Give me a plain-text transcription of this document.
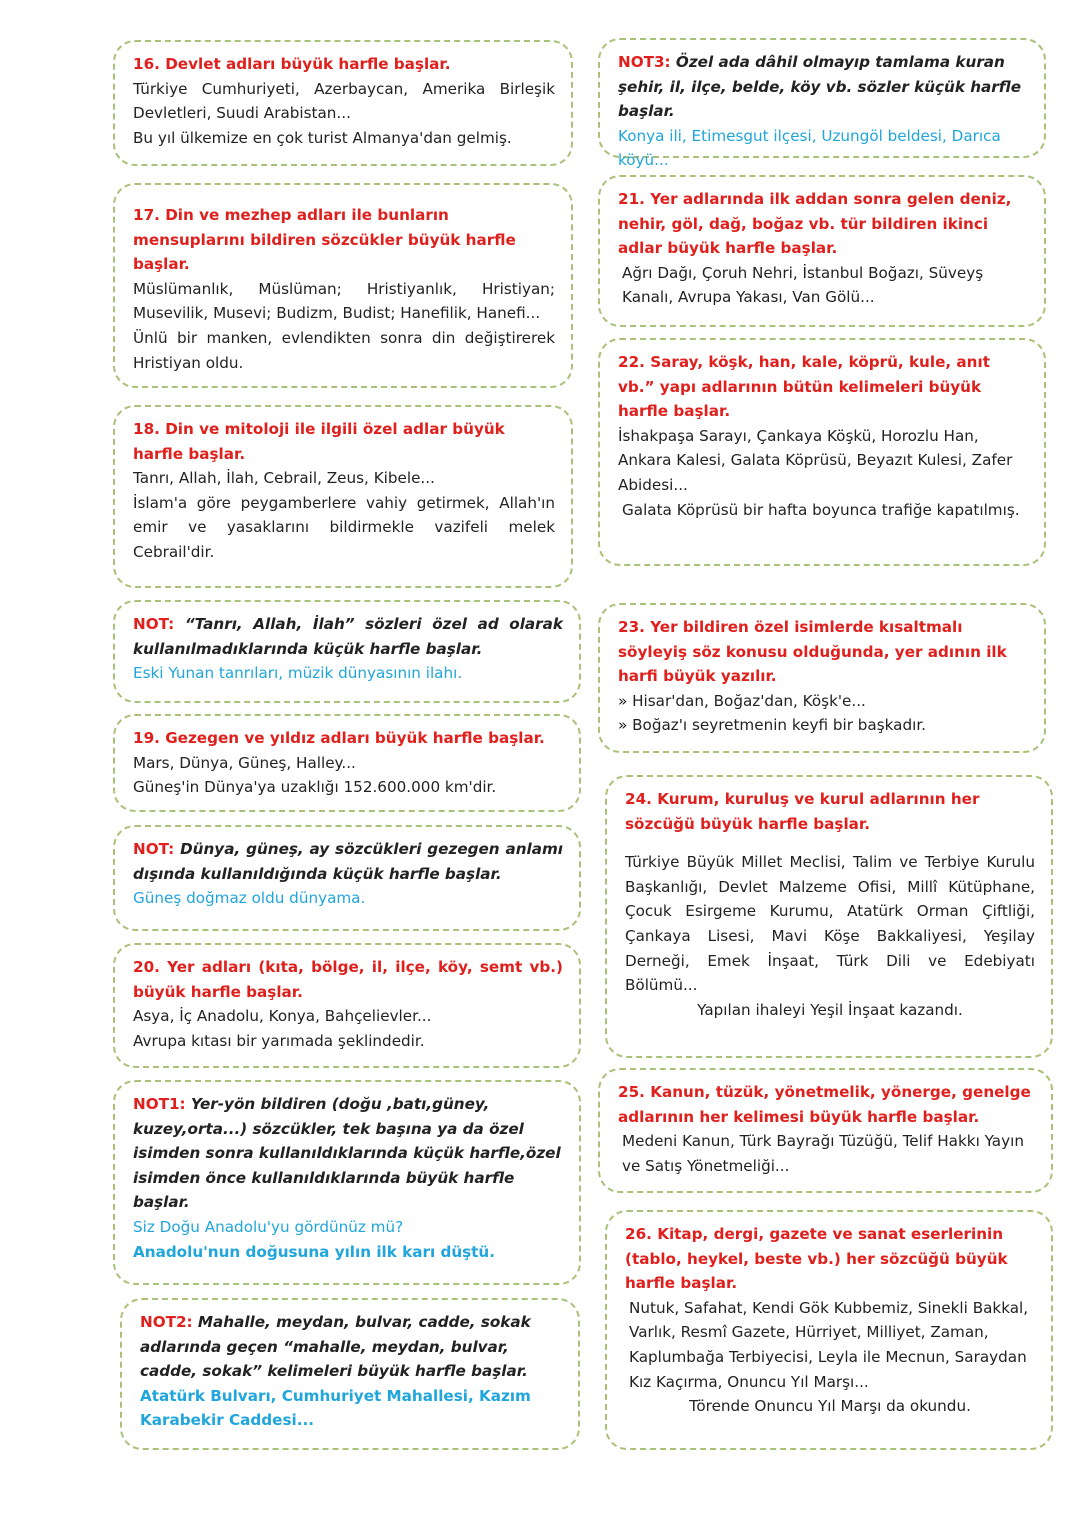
16. Devlet adları büyük harfle başlar.

Türkiye Cumhuriyeti, Azerbaycan, Amerika Birleşik Devletleri, Suudi Arabistan...

Bu yıl ülkemize en çok turist Almanya'dan gelmiş.

17. Din ve mezhep adları ile bunların mensuplarını bildiren sözcükler büyük harfle başlar.

Müslümanlık, Müslüman; Hristiyanlık, Hristiyan; Musevilik, Musevi; Budizm, Budist; Hanefilik, Hanefi...

Ünlü bir manken, evlendikten sonra din değiştirerek Hristiyan oldu.

18. Din ve mitoloji ile ilgili özel adlar büyük harfle başlar.

Tanrı, Allah, İlah, Cebrail, Zeus, Kibele...

İslam'a göre peygamberlere vahiy getirmek, Allah'ın emir ve yasaklarını bildirmekle vazifeli melek Cebrail'dir.

NOT: “Tanrı, Allah, İlah” sözleri özel ad olarak kullanılmadıklarında küçük harfle başlar.

Eski Yunan tanrıları, müzik dünyasının ilahı.

19. Gezegen ve yıldız adları büyük harfle başlar.

Mars, Dünya, Güneş, Halley...

Güneş'in Dünya'ya uzaklığı 152.600.000 km'dir.

NOT: Dünya, güneş, ay sözcükleri gezegen anlamı dışında kullanıldığında küçük harfle başlar.

Güneş doğmaz oldu dünyama.

20. Yer adları (kıta, bölge, il, ilçe, köy, semt vb.) büyük harfle başlar.

Asya, İç Anadolu, Konya, Bahçelievler...

Avrupa kıtası bir yarımada şeklindedir.

NOT1: Yer-yön bildiren (doğu ,batı,güney, kuzey,orta...) sözcükler, tek başına ya da özel isimden sonra kullanıldıklarında küçük harfle,özel isimden önce kullanıldıklarında büyük harfle başlar.

Siz Doğu Anadolu'yu gördünüz mü?

Anadolu'nun doğusuna yılın ilk karı düştü.

NOT2: Mahalle, meydan, bulvar, cadde, sokak adlarında geçen “mahalle, meydan, bulvar, cadde, sokak” kelimeleri büyük harfle başlar.

Atatürk Bulvarı, Cumhuriyet Mahallesi, Kazım Karabekir Caddesi...

NOT3: Özel ada dâhil olmayıp tamlama kuran şehir, il, ilçe, belde, köy vb. sözler küçük harfle başlar.

Konya ili, Etimesgut ilçesi, Uzungöl beldesi, Darıca köyü...

21. Yer adlarında ilk addan sonra gelen deniz, nehir, göl, dağ, boğaz vb. tür bildiren ikinci adlar büyük harfle başlar.

Ağrı Dağı, Çoruh Nehri, İstanbul Boğazı, Süveyş Kanalı, Avrupa Yakası, Van Gölü...

22. Saray, köşk, han, kale, köprü, kule, anıt vb.” yapı adlarının bütün kelimeleri büyük harfle başlar.

İshakpaşa Sarayı, Çankaya Köşkü, Horozlu Han, Ankara Kalesi, Galata Köprüsü, Beyazıt Kulesi, Zafer Abidesi...

Galata Köprüsü bir hafta boyunca trafiğe kapatılmış.

23. Yer bildiren özel isimlerde kısaltmalı söyleyiş söz konusu olduğunda, yer adının ilk harfi büyük yazılır.

» Hisar'dan, Boğaz'dan, Köşk'e...

» Boğaz'ı seyretmenin keyfi bir başkadır.

24. Kurum, kuruluş ve kurul adlarının her sözcüğü büyük harfle başlar.

Türkiye Büyük Millet Meclisi, Talim ve Terbiye Kurulu Başkanlığı, Devlet Malzeme Ofisi, Millî Kütüphane, Çocuk Esirgeme Kurumu, Atatürk Orman Çiftliği, Çankaya Lisesi, Mavi Köşe Bakkaliyesi, Yeşilay Derneği, Emek İnşaat, Türk Dili ve Edebiyatı Bölümü...

Yapılan ihaleyi Yeşil İnşaat kazandı.

25. Kanun, tüzük, yönetmelik, yönerge, genelge adlarının her kelimesi büyük harfle başlar.

Medeni Kanun, Türk Bayrağı Tüzüğü, Telif Hakkı Yayın ve Satış Yönetmeliği...

26. Kitap, dergi, gazete ve sanat eserlerinin (tablo, heykel, beste vb.) her sözcüğü büyük harfle başlar.

Nutuk, Safahat, Kendi Gök Kubbemiz, Sinekli Bakkal, Varlık, Resmî Gazete, Hürriyet, Milliyet, Zaman, Kaplumbağa Terbiyecisi, Leyla ile Mecnun, Saraydan Kız Kaçırma, Onuncu Yıl Marşı...

Törende Onuncu Yıl Marşı da okundu.
